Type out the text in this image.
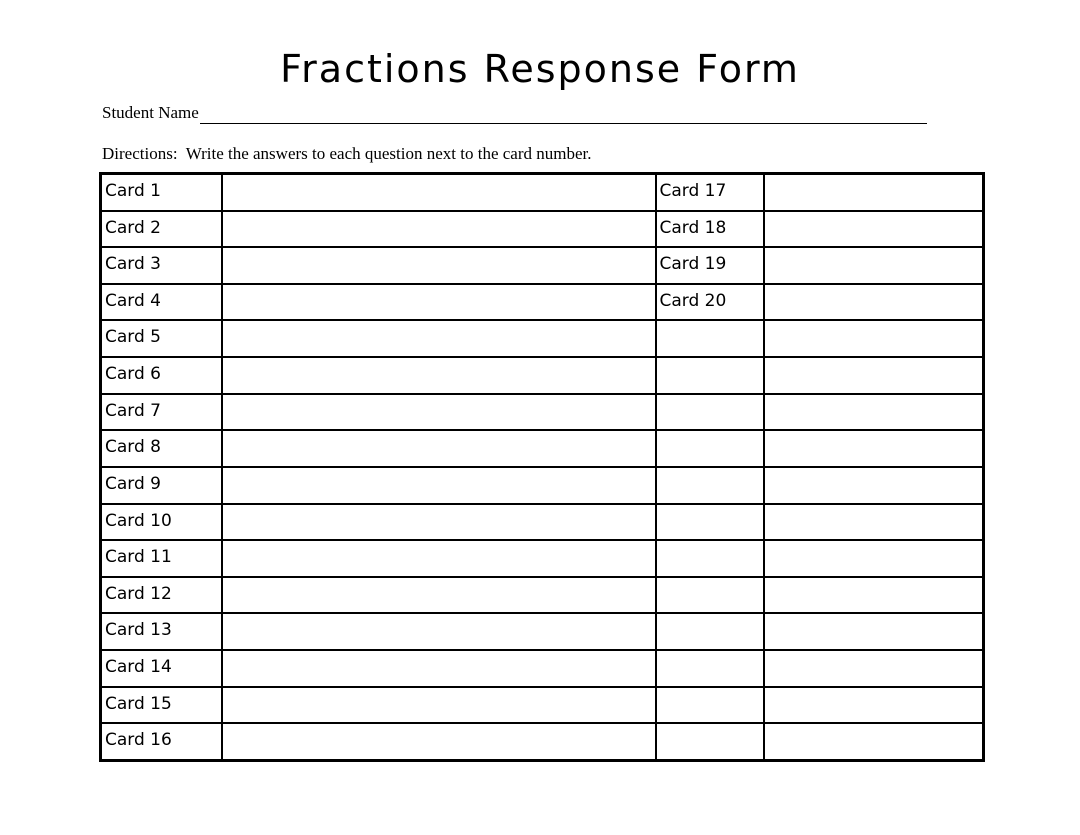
Fractions Response Form
Student Name
Directions:  Write the answers to each question next to the card number.
Card 1		Card 17	
Card 2		Card 18	
Card 3		Card 19	
Card 4		Card 20	
Card 5			
Card 6			
Card 7			
Card 8			
Card 9			
Card 10			
Card 11			
Card 12			
Card 13			
Card 14			
Card 15			
Card 16			
